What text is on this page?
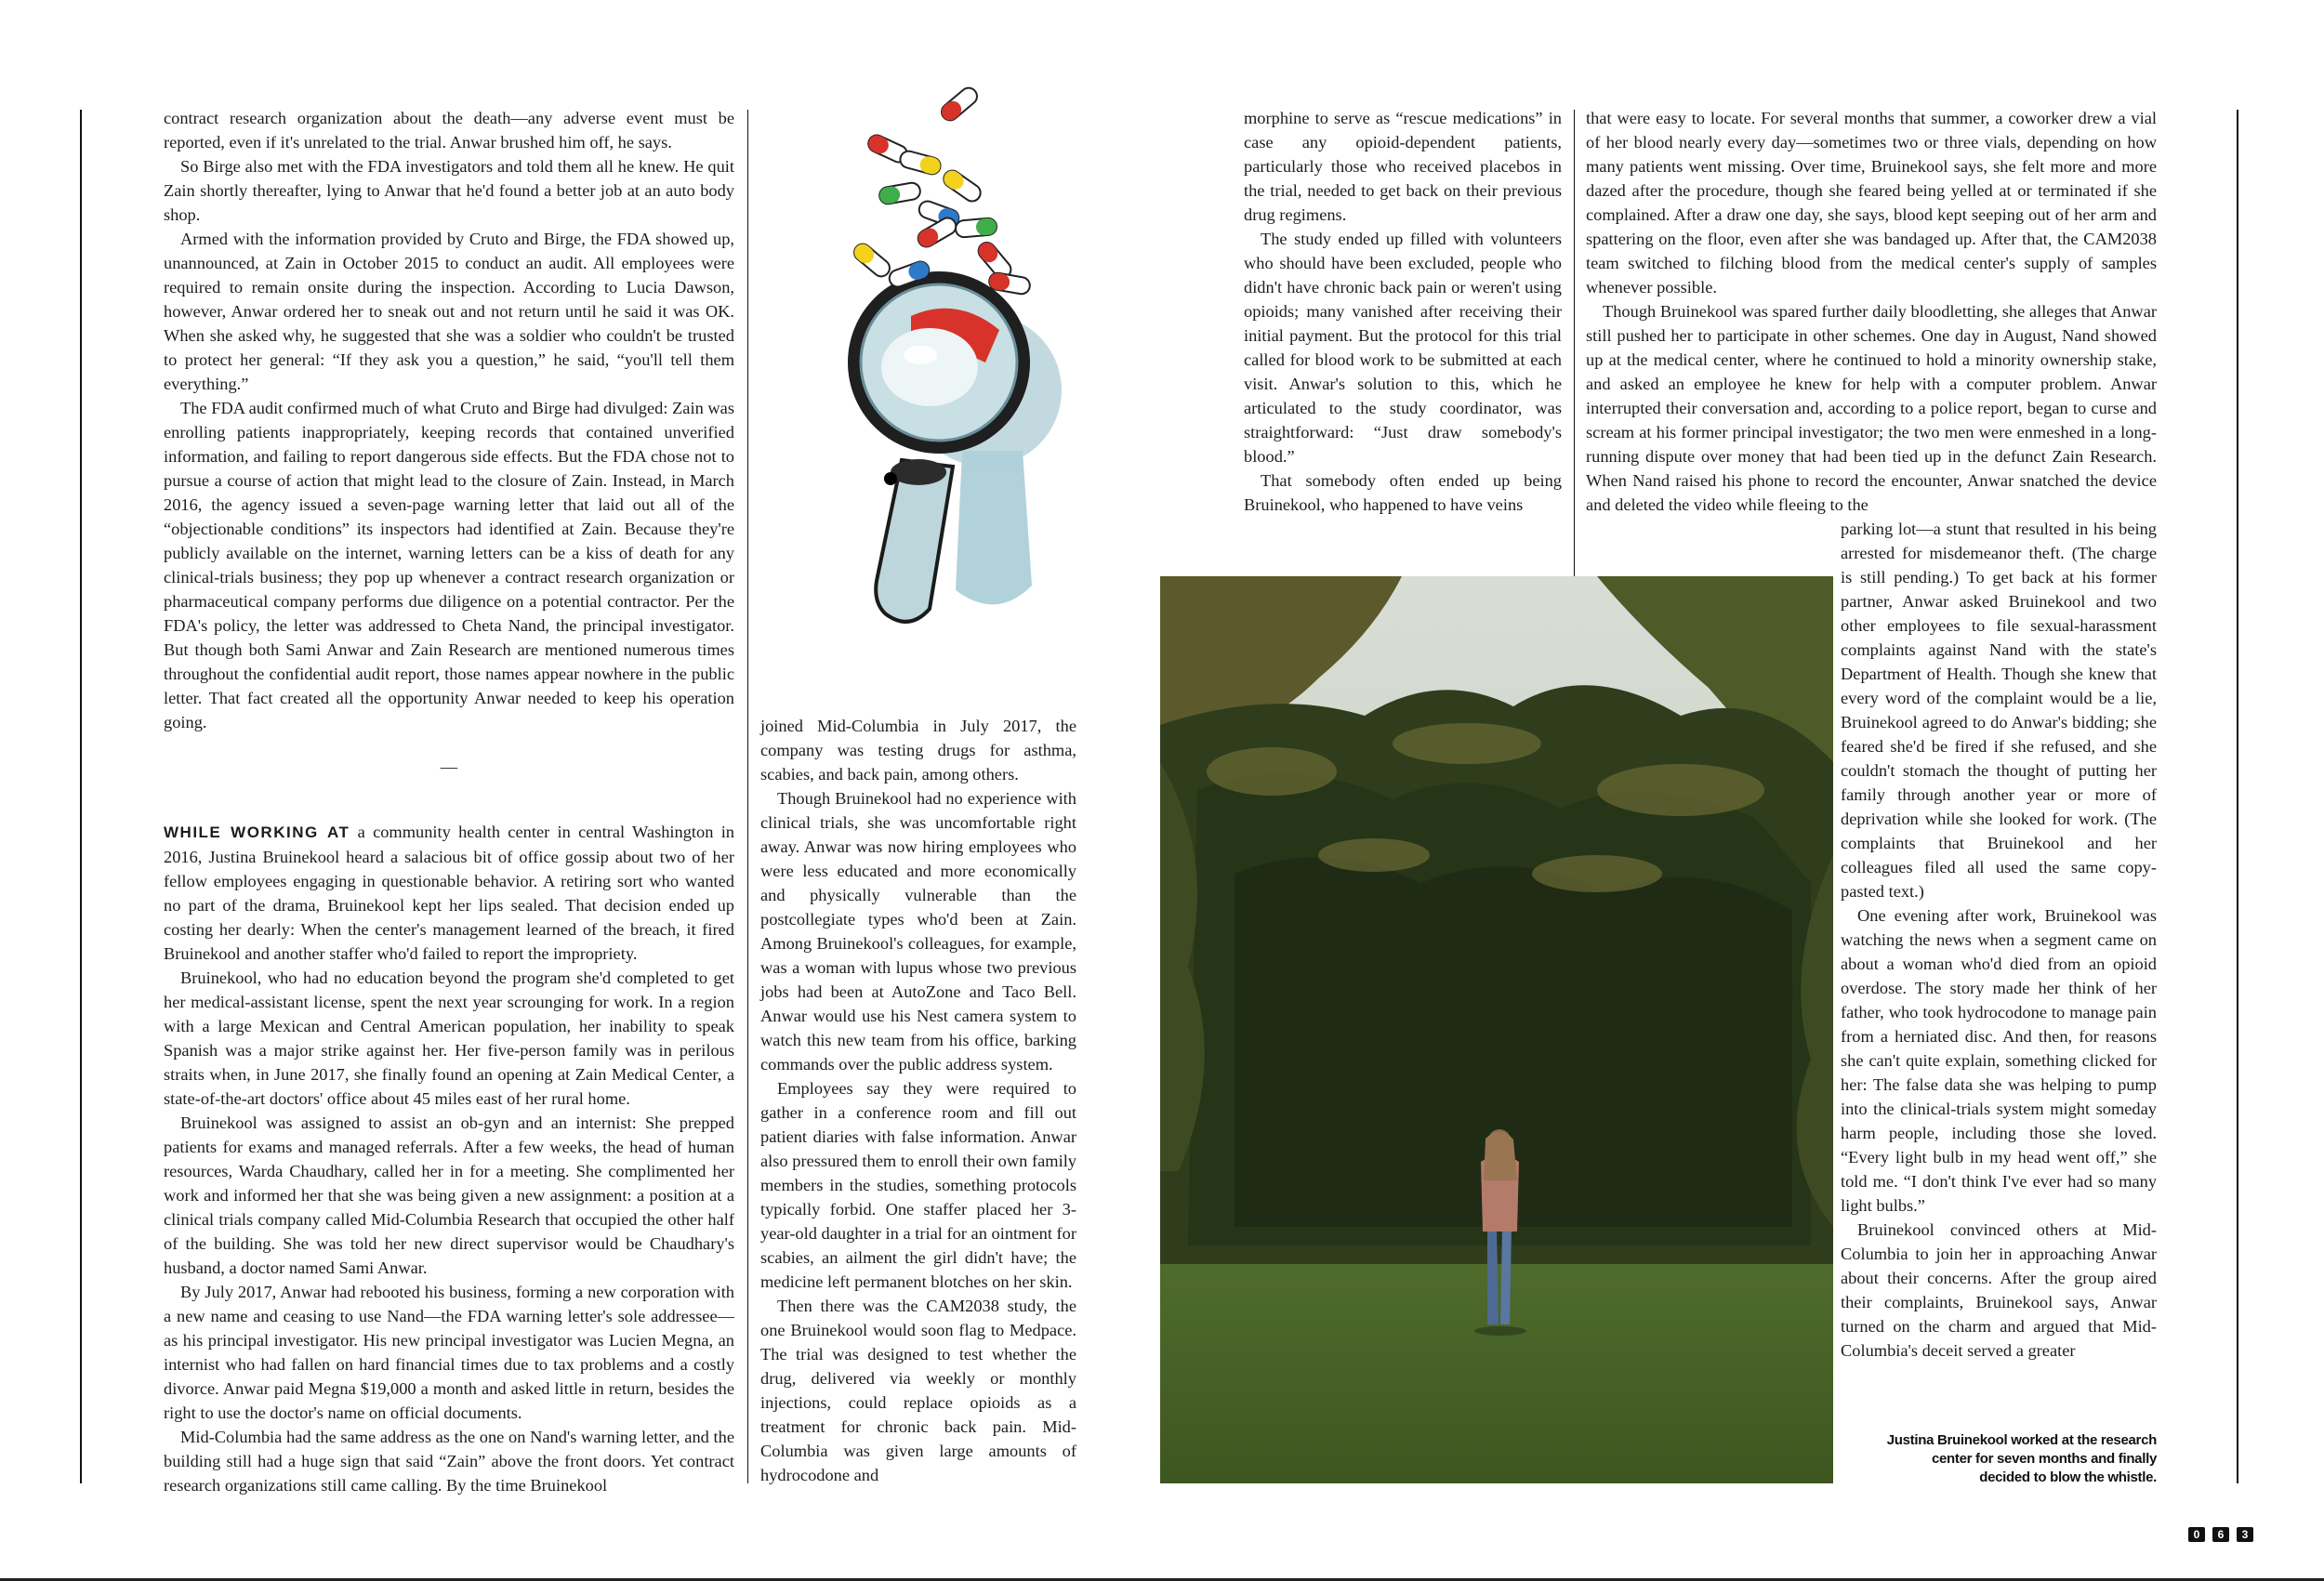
contract research organization about the death—any adverse event must be reported, even if it's unrelated to the trial. Anwar brushed him off, he says.

So Birge also met with the FDA investigators and told them all he knew. He quit Zain shortly thereafter, lying to Anwar that he'd found a better job at an auto body shop.

Armed with the information provided by Cruto and Birge, the FDA showed up, unannounced, at Zain in October 2015 to conduct an audit. All employees were required to remain onsite during the inspection. According to Lucia Dawson, however, Anwar ordered her to sneak out and not return until he said it was OK. When she asked why, he suggested that she was a soldier who couldn't be trusted to protect her general: “If they ask you a question,” he said, “you'll tell them everything.”

The FDA audit confirmed much of what Cruto and Birge had divulged: Zain was enrolling patients inappropriately, keeping records that contained unverified information, and failing to report dangerous side effects. But the FDA chose not to pursue a course of action that might lead to the closure of Zain. Instead, in March 2016, the agency issued a seven-page warning letter that laid out all of the “objectionable conditions” its inspectors had identified at Zain. Because they're publicly available on the internet, warning letters can be a kiss of death for any clinical-trials business; they pop up whenever a contract research organization or pharmaceutical company performs due diligence on a potential contractor. Per the FDA's policy, the letter was addressed to Cheta Nand, the principal investigator. But though both Sami Anwar and Zain Research are mentioned numerous times throughout the confidential audit report, those names appear nowhere in the public letter. That fact created all the opportunity Anwar needed to keep his operation going.

—

WHILE WORKING AT a community health center in central Washington in 2016, Justina Bruinekool heard a salacious bit of office gossip about two of her fellow employees engaging in questionable behavior. A retiring sort who wanted no part of the drama, Bruinekool kept her lips sealed. That decision ended up costing her dearly: When the center's management learned of the breach, it fired Bruinekool and another staffer who'd failed to report the impropriety.

Bruinekool, who had no education beyond the program she'd completed to get her medical-assistant license, spent the next year scrounging for work. In a region with a large Mexican and Central American population, her inability to speak Spanish was a major strike against her. Her five-person family was in perilous straits when, in June 2017, she finally found an opening at Zain Medical Center, a state-of-the-art doctors' office about 45 miles east of her rural home.

Bruinekool was assigned to assist an ob-gyn and an internist: She prepped patients for exams and managed referrals. After a few weeks, the head of human resources, Warda Chaudhary, called her in for a meeting. She complimented her work and informed her that she was being given a new assignment: a position at a clinical trials company called Mid-Columbia Research that occupied the other half of the building. She was told her new direct supervisor would be Chaudhary's husband, a doctor named Sami Anwar.

By July 2017, Anwar had rebooted his business, forming a new corporation with a new name and ceasing to use Nand—the FDA warning letter's sole addressee—as his principal investigator. His new principal investigator was Lucien Megna, an internist who had fallen on hard financial times due to tax problems and a costly divorce. Anwar paid Megna $19,000 a month and asked little in return, besides the right to use the doctor's name on official documents.

Mid-Columbia had the same address as the one on Nand's warning letter, and the building still had a huge sign that said “Zain” above the front doors. Yet contract research organizations still came calling. By the time Bruinekool

joined Mid-Columbia in July 2017, the company was testing drugs for asthma, scabies, and back pain, among others.

Though Bruinekool had no experience with clinical trials, she was uncomfortable right away. Anwar was now hiring employees who were less educated and more economically and physically vulnerable than the postcollegiate types who'd been at Zain. Among Bruinekool's colleagues, for example, was a woman with lupus whose two previous jobs had been at AutoZone and Taco Bell. Anwar would use his Nest camera system to watch this new team from his office, barking commands over the public address system.

Employees say they were required to gather in a conference room and fill out patient diaries with false information. Anwar also pressured them to enroll their own family members in the studies, something protocols typically forbid. One staffer placed her 3-year-old daughter in a trial for an ointment for scabies, an ailment the girl didn't have; the medicine left permanent blotches on her skin.

Then there was the CAM2038 study, the one Bruinekool would soon flag to Medpace. The trial was designed to test whether the drug, delivered via weekly or monthly injections, could replace opioids as a treatment for chronic back pain. Mid-Columbia was given large amounts of hydrocodone and

morphine to serve as “rescue medications” in case any opioid-dependent patients, particularly those who received placebos in the trial, needed to get back on their previous drug regimens.

The study ended up filled with volunteers who should have been excluded, people who didn't have chronic back pain or weren't using opioids; many vanished after receiving their initial payment. But the protocol for this trial called for blood work to be submitted at each visit. Anwar's solution to this, which he articulated to the study coordinator, was straightforward: “Just draw somebody's blood.”

That somebody often ended up being Bruinekool, who happened to have veins

that were easy to locate. For several months that summer, a coworker drew a vial of her blood nearly every day—sometimes two or three vials, depending on how many patients went missing. Over time, Bruinekool says, she felt more and more dazed after the procedure, though she feared being yelled at or terminated if she complained. After a draw one day, she says, blood kept seeping out of her arm and spattering on the floor, even after she was bandaged up. After that, the CAM2038 team switched to filching blood from the medical center's supply of samples whenever possible.

Though Bruinekool was spared further daily bloodletting, she alleges that Anwar still pushed her to participate in other schemes. One day in August, Nand showed up at the medical center, where he continued to hold a minority ownership stake, and asked an employee he knew for help with a computer problem. Anwar interrupted their conversation and, according to a police report, began to curse and scream at his former principal investigator; the two men were enmeshed in a long-running dispute over money that had been tied up in the defunct Zain Research. When Nand raised his phone to record the encounter, Anwar snatched the device and deleted the video while fleeing to the

parking lot—a stunt that resulted in his being arrested for misdemeanor theft. (The charge is still pending.) To get back at his former partner, Anwar asked Bruinekool and two other employees to file sexual-harassment complaints against Nand with the state's Department of Health. Though she knew that every word of the complaint would be a lie, Bruinekool agreed to do Anwar's bidding; she feared she'd be fired if she refused, and she couldn't stomach the thought of putting her family through another year or more of deprivation while she looked for work. (The complaints that Bruinekool and her colleagues filed all used the same copy-pasted text.)

One evening after work, Bruinekool was watching the news when a segment came on about a woman who'd died from an opioid overdose. The story made her think of her father, who took hydrocodone to manage pain from a herniated disc. And then, for reasons she can't quite explain, something clicked for her: The false data she was helping to pump into the clinical-trials system might someday harm people, including those she loved. “Every light bulb in my head went off,” she told me. “I don't think I've ever had so many light bulbs.”

Bruinekool convinced others at Mid-Columbia to join her in approaching Anwar about their concerns. After the group aired their complaints, Bruinekool says, Anwar turned on the charm and argued that Mid-Columbia's deceit served a greater

Justina Bruinekool worked at the research center for seven months and finally decided to blow the whistle.
0	6	3
